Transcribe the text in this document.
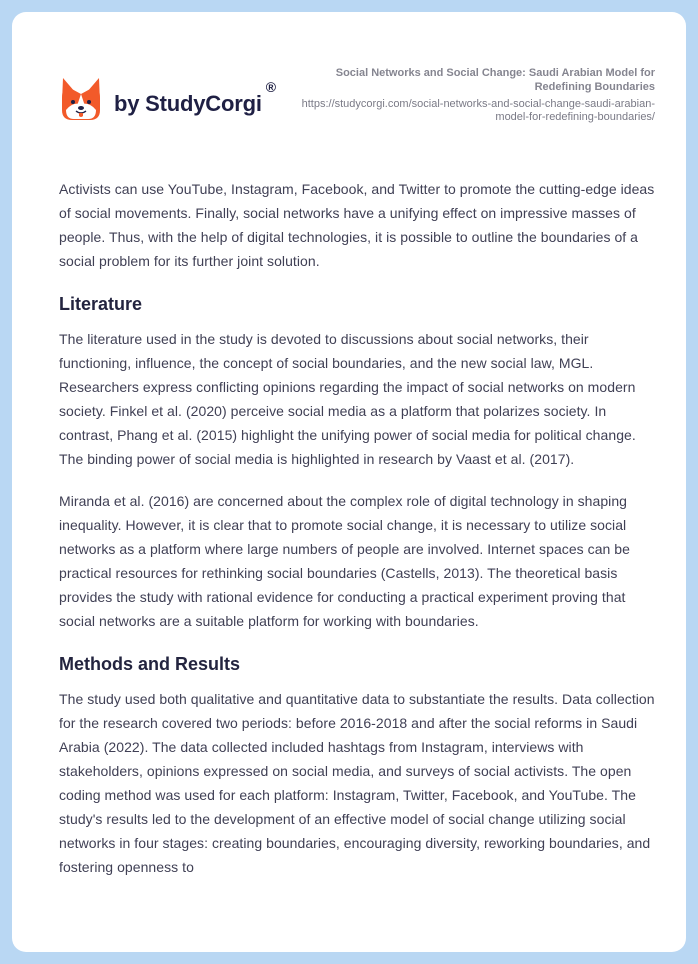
by StudyCorgi
®
Social Networks and Social Change: Saudi Arabian Model for Redefining Boundaries
https://studycorgi.com/social-networks-and-social-change-saudi-arabian-model-for-redefining-boundaries/

Activists can use YouTube, Instagram, Facebook, and Twitter to promote the cutting-edge ideas of social movements. Finally, social networks have a unifying effect on impressive masses of people. Thus, with the help of digital technologies, it is possible to outline the boundaries of a social problem for its further joint solution.

Literature

The literature used in the study is devoted to discussions about social networks, their functioning, influence, the concept of social boundaries, and the new social law, MGL. Researchers express conflicting opinions regarding the impact of social networks on modern society. Finkel et al. (2020) perceive social media as a platform that polarizes society. In contrast, Phang et al. (2015) highlight the unifying power of social media for political change. The binding power of social media is highlighted in research by Vaast et al. (2017).

Miranda et al. (2016) are concerned about the complex role of digital technology in shaping inequality. However, it is clear that to promote social change, it is necessary to utilize social networks as a platform where large numbers of people are involved. Internet spaces can be practical resources for rethinking social boundaries (Castells, 2013). The theoretical basis provides the study with rational evidence for conducting a practical experiment proving that social networks are a suitable platform for working with boundaries.

Methods and Results

The study used both qualitative and quantitative data to substantiate the results. Data collection for the research covered two periods: before 2016-2018 and after the social reforms in Saudi Arabia (2022). The data collected included hashtags from Instagram, interviews with stakeholders, opinions expressed on social media, and surveys of social activists. The open coding method was used for each platform: Instagram, Twitter, Facebook, and YouTube. The study's results led to the development of an effective model of social change utilizing social networks in four stages: creating boundaries, encouraging diversity, reworking boundaries, and fostering openness to
